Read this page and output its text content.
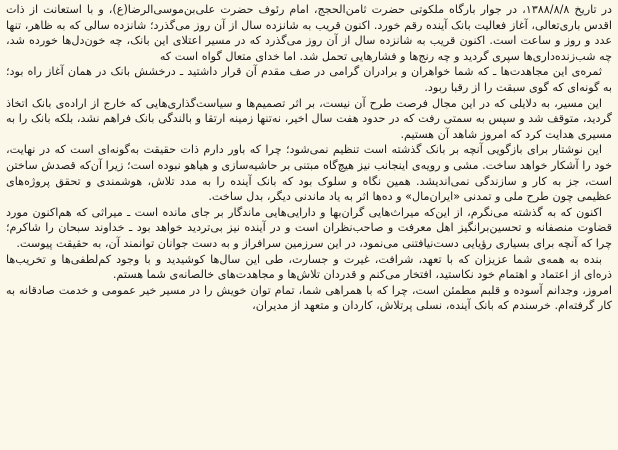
در تاریخ ۱۳۸۸/۸/۸، در جوار بارگاه ملکوتی حضرت ثامن‌الحجج، امام رئوف حضرت علی‌بن‌موسی‌الرضا(ع)، و با استعانت از ذات اقدس باری‌تعالی، آغاز فعالیت بانک آینده رقم خورد. اکنون قریب به شانزده سال از آن روز می‌گذرد؛ شانزده سالی که به ظاهر، تنها عدد و روز و ساعت است. اکنون قریب به شانزده سال از آن روز می‌گذرد که در مسیر اعتلای این بانک، چه خون‌دل‌ها خورده شد، چه شب‌زنده‌داری‌ها سپری گردید و چه رنج‌ها و فشارهایی تحمل شد. اما خدای متعال گواه است که

ثمره‌ی این مجاهدت‌ها ـ که شما خواهران و برادران گرامی در صف مقدم آن قرار داشتید ـ درخشش بانک در همان آغاز راه بود؛ به گونه‌ای که گوی سبقت را از رقبا ربود.

این مسیر، به دلایلی که در این مجال فرصت طرح آن نیست، بر اثر تصمیم‌ها و سیاست‌گذاری‌هایی که خارج از اراده‌ی بانک اتخاذ گردید، متوقف شد و سپس به سمتی رفت که در حدود هفت سال اخیر، نه‌تنها زمینه ارتقا و بالندگی بانک فراهم نشد، بلکه بانک را به مسیری هدایت کرد که امروز شاهد آن هستیم.

این نوشتار برای بازگویی آنچه بر بانک گذشته است تنظیم نمی‌شود؛ چرا که باور دارم ذات حقیقت به‌گونه‌ای است که در نهایت، خود را آشکار خواهد ساخت. مشی و رویه‌ی اینجانب نیز هیچ‌گاه مبتنی بر حاشیه‌سازی و هیاهو نبوده است؛ زیرا آن‌که قصدش ساختن است، جز به کار و سازندگی نمی‌اندیشد. همین نگاه و سلوک بود که بانک آینده را به مدد تلاش، هوشمندی و تحقق پروژه‌های عظیمی چون طرح ملی و تمدنی «ایران‌مال» و ده‌ها اثر به یاد ماندنی دیگر، بدل ساخت.

اکنون که به گذشته می‌نگرم، از این‌که میراث‌هایی گران‌بها و دارایی‌هایی ماندگار بر جای مانده است ـ میراثی که هم‌اکنون مورد قضاوت منصفانه و تحسین‌برانگیز اهل معرفت و صاحب‌نظران است و در آینده نیز بی‌تردید خواهد بود ـ خداوند سبحان را شاکرم؛ چرا که آنچه برای بسیاری رؤیایی دست‌نیافتنی می‌نمود، در این سرزمین سرافراز و به دست جوانان توانمند آن، به حقیقت پیوست.

بنده به همه‌ی شما عزیزان که با تعهد، شرافت، غیرت و جسارت، طی این سال‌ها کوشیدید و با وجود کم‌لطفی‌ها و تخریب‌ها ذره‌ای از اعتماد و اهتمام خود نکاستید، افتخار می‌کنم و قدردان تلاش‌ها و مجاهدت‌های خالصانه‌ی شما هستم.

امروز، وجدانم آسوده و قلبم مطمئن است، چرا که با همراهی شما، تمام توان خویش را در مسیر خیر عمومی و خدمت صادقانه به کار گرفته‌ام. خرسندم که بانک آینده، نسلی پرتلاش، کاردان و متعهد از مدیران،
